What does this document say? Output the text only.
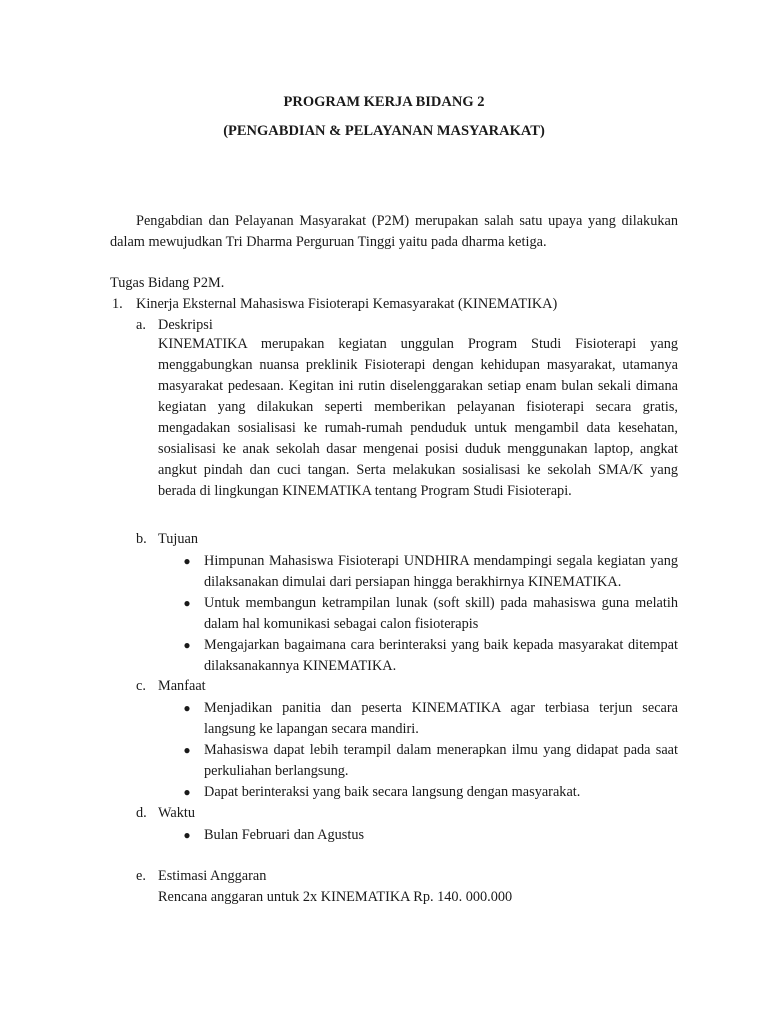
PROGRAM KERJA BIDANG 2
(PENGABDIAN & PELAYANAN MASYARAKAT)
Pengabdian dan Pelayanan Masyarakat (P2M) merupakan salah satu upaya yang dilakukan dalam mewujudkan Tri Dharma Perguruan Tinggi yaitu pada dharma ketiga.
Tugas Bidang P2M.
1. Kinerja Eksternal Mahasiswa Fisioterapi Kemasyarakat (KINEMATIKA)
a. Deskripsi
KINEMATIKA merupakan kegiatan unggulan Program Studi Fisioterapi yang menggabungkan nuansa preklinik Fisioterapi dengan kehidupan masyarakat, utamanya masyarakat pedesaan. Kegitan ini rutin diselenggarakan setiap enam bulan sekali dimana kegiatan yang dilakukan seperti memberikan pelayanan fisioterapi secara gratis, mengadakan sosialisasi ke rumah-rumah penduduk untuk mengambil data kesehatan, sosialisasi ke anak sekolah dasar mengenai posisi duduk menggunakan laptop, angkat angkut pindah dan cuci tangan. Serta melakukan sosialisasi ke sekolah SMA/K yang berada di lingkungan KINEMATIKA tentang Program Studi Fisioterapi.
b. Tujuan
● Himpunan Mahasiswa Fisioterapi UNDHIRA mendampingi segala kegiatan yang dilaksanakan dimulai dari persiapan hingga berakhirnya KINEMATIKA.
● Untuk membangun ketrampilan lunak (soft skill) pada mahasiswa guna melatih dalam hal komunikasi sebagai calon fisioterapis
● Mengajarkan bagaimana cara berinteraksi yang baik kepada masyarakat ditempat dilaksanakannya KINEMATIKA.
c. Manfaat
● Menjadikan panitia dan peserta KINEMATIKA agar terbiasa terjun secara langsung ke lapangan secara mandiri.
● Mahasiswa dapat lebih terampil dalam menerapkan ilmu yang didapat pada saat perkuliahan berlangsung.
● Dapat berinteraksi yang baik secara langsung dengan masyarakat.
d. Waktu
● Bulan Februari dan Agustus
e. Estimasi Anggaran
Rencana anggaran untuk 2x KINEMATIKA Rp. 140. 000.000
